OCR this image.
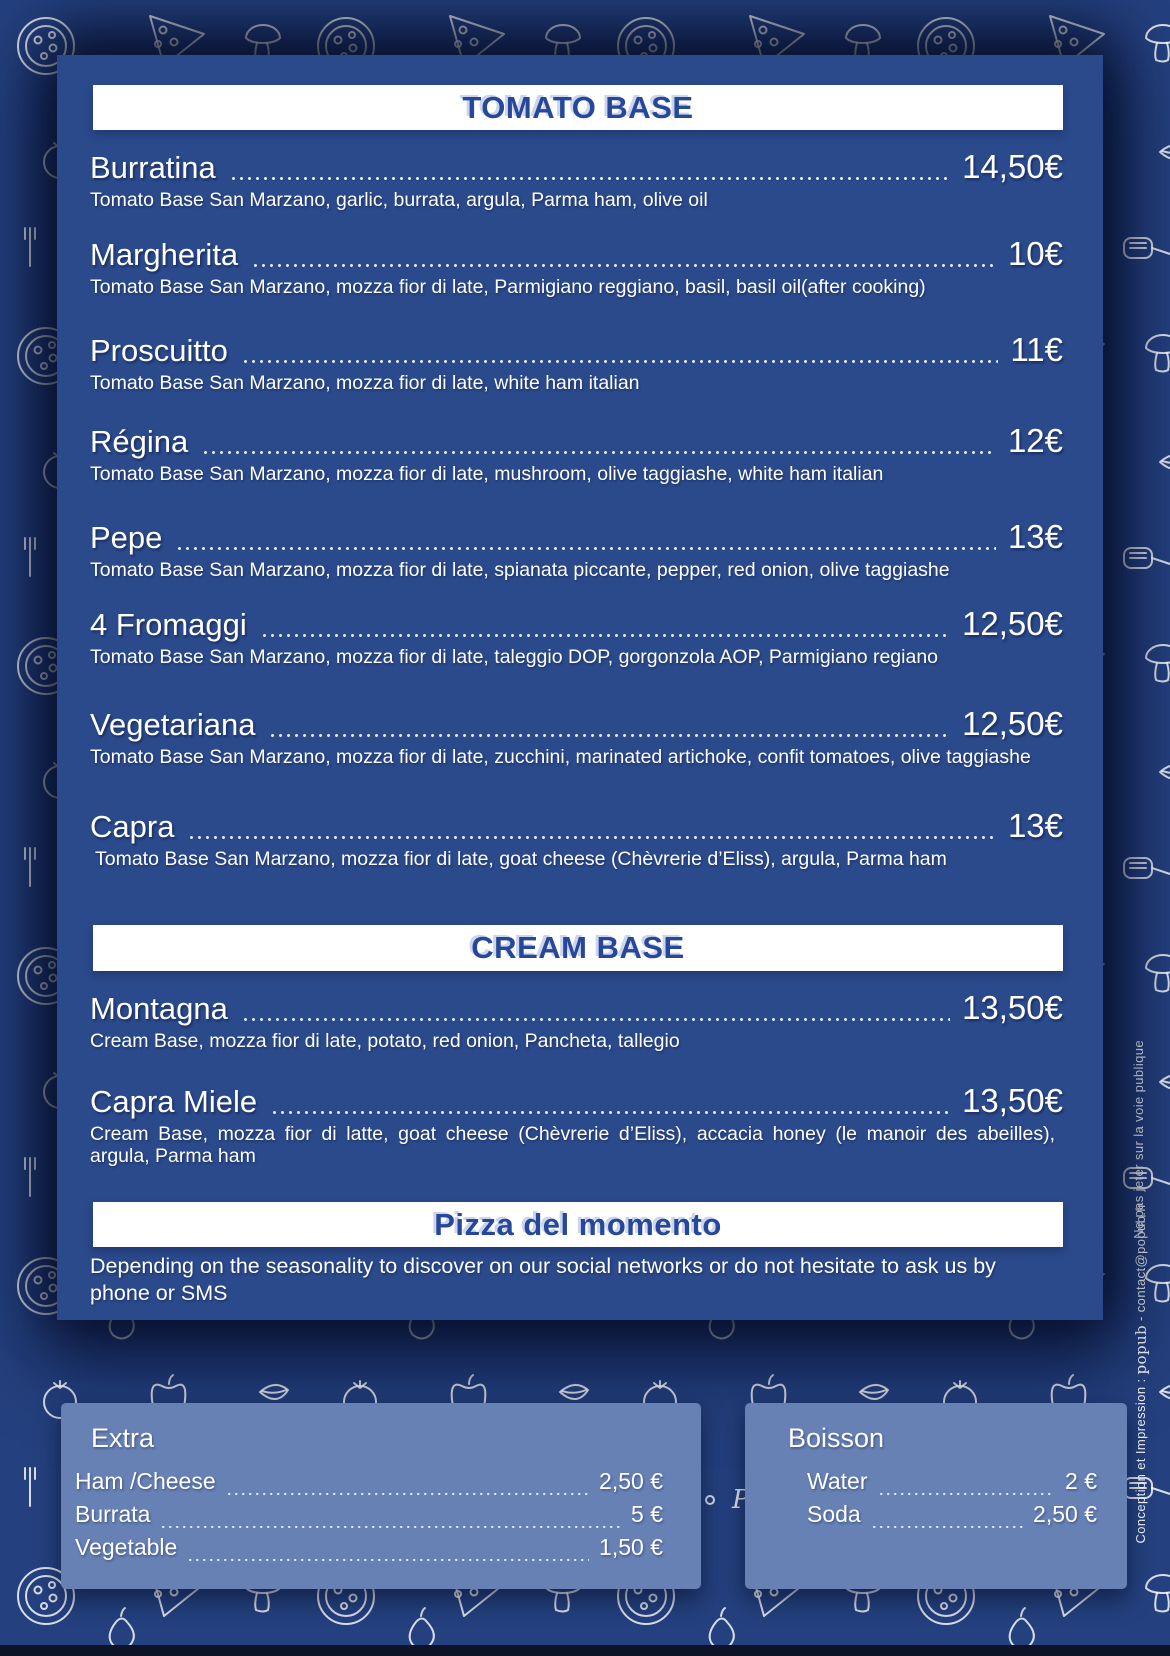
Ne pas jeter sur la voie publique
Conception et Impression : popub - contact@popub.fr
TOMATO BASE
Burratina	14,50€
Tomato Base San Marzano, garlic, burrata, argula, Parma ham, olive oil
Margherita	10€
Tomato Base San Marzano, mozza fior di late, Parmigiano reggiano, basil, basil oil(after cooking)
Proscuitto	11€
Tomato Base San Marzano, mozza fior di late, white ham italian
Régina	12€
Tomato Base San Marzano, mozza fior di late, mushroom, olive taggiashe, white ham italian
Pepe	13€
Tomato Base San Marzano, mozza fior di late, spianata piccante, pepper, red onion, olive taggiashe
4 Fromaggi	12,50€
Tomato Base San Marzano, mozza fior di late, taleggio DOP, gorgonzola AOP, Parmigiano regiano
Vegetariana	12,50€
Tomato Base San Marzano, mozza fior di late, zucchini, marinated artichoke, confit tomatoes, olive taggiashe
Capra	13€
Tomato Base San Marzano, mozza fior di late, goat cheese (Chèvrerie d’Eliss), argula, Parma ham
CREAM BASE
Montagna	13,50€
Cream Base, mozza fior di late, potato, red onion, Pancheta, tallegio
Capra Miele	13,50€
Cream Base, mozza fior di latte, goat cheese (Chèvrerie d’Eliss), accacia honey (le manoir des abeilles), argula, Parma ham
Pizza del momento
Depending on the seasonality to discover on our social networks or do not hesitate to ask us by phone or SMS
Extra
Ham /Cheese	2,50 €
Burrata	5 €
Vegetable	1,50 €
Boisson
Water	2 €
Soda	2,50 €
